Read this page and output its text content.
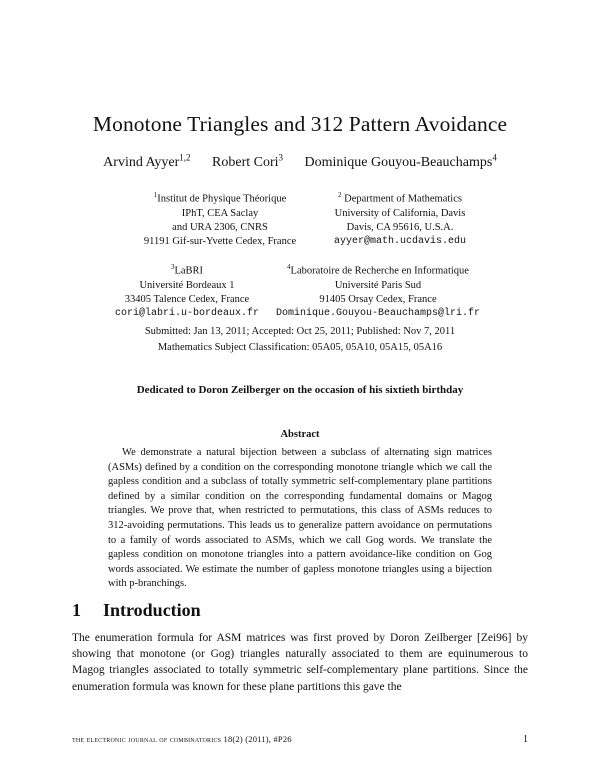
Monotone Triangles and 312 Pattern Avoidance
Arvind Ayyer$^{1,2}$ Robert Cori$^3$ Dominique Gouyou-Beauchamps$^4$
$^1$Institut de Physique Théorique
IPhT, CEA Saclay
and URA 2306, CNRS
91191 Gif-sur-Yvette Cedex, France
$^2$ Department of Mathematics
University of California, Davis
Davis, CA 95616, U.S.A.
ayyer@math.ucdavis.edu
$^3$LaBRI
Université Bordeaux 1
33405 Talence Cedex, France
cori@labri.u-bordeaux.fr
$^4$Laboratoire de Recherche en Informatique
Université Paris Sud
91405 Orsay Cedex, France
Dominique.Gouyou-Beauchamps@lri.fr
Submitted: Jan 13, 2011; Accepted: Oct 25, 2011; Published: Nov 7, 2011
Mathematics Subject Classification: 05A05, 05A10, 05A15, 05A16
Dedicated to Doron Zeilberger on the occasion of his sixtieth birthday
Abstract
We demonstrate a natural bijection between a subclass of alternating sign matrices (ASMs) defined by a condition on the corresponding monotone triangle which we call the gapless condition and a subclass of totally symmetric self-complementary plane partitions defined by a similar condition on the corresponding fundamental domains or Magog triangles. We prove that, when restricted to permutations, this class of ASMs reduces to 312-avoiding permutations. This leads us to generalize pattern avoidance on permutations to a family of words associated to ASMs, which we call Gog words. We translate the gapless condition on monotone triangles into a pattern avoidance-like condition on Gog words associated. We estimate the number of gapless monotone triangles using a bijection with p-branchings.
1 Introduction
The enumeration formula for ASM matrices was first proved by Doron Zeilberger [Zei96] by showing that monotone (or Gog) triangles naturally associated to them are equinumerous to Magog triangles associated to totally symmetric self-complementary plane partitions. Since the enumeration formula was known for these plane partitions this gave the
the electronic journal of combinatorics 18(2) (2011), #P26	1
